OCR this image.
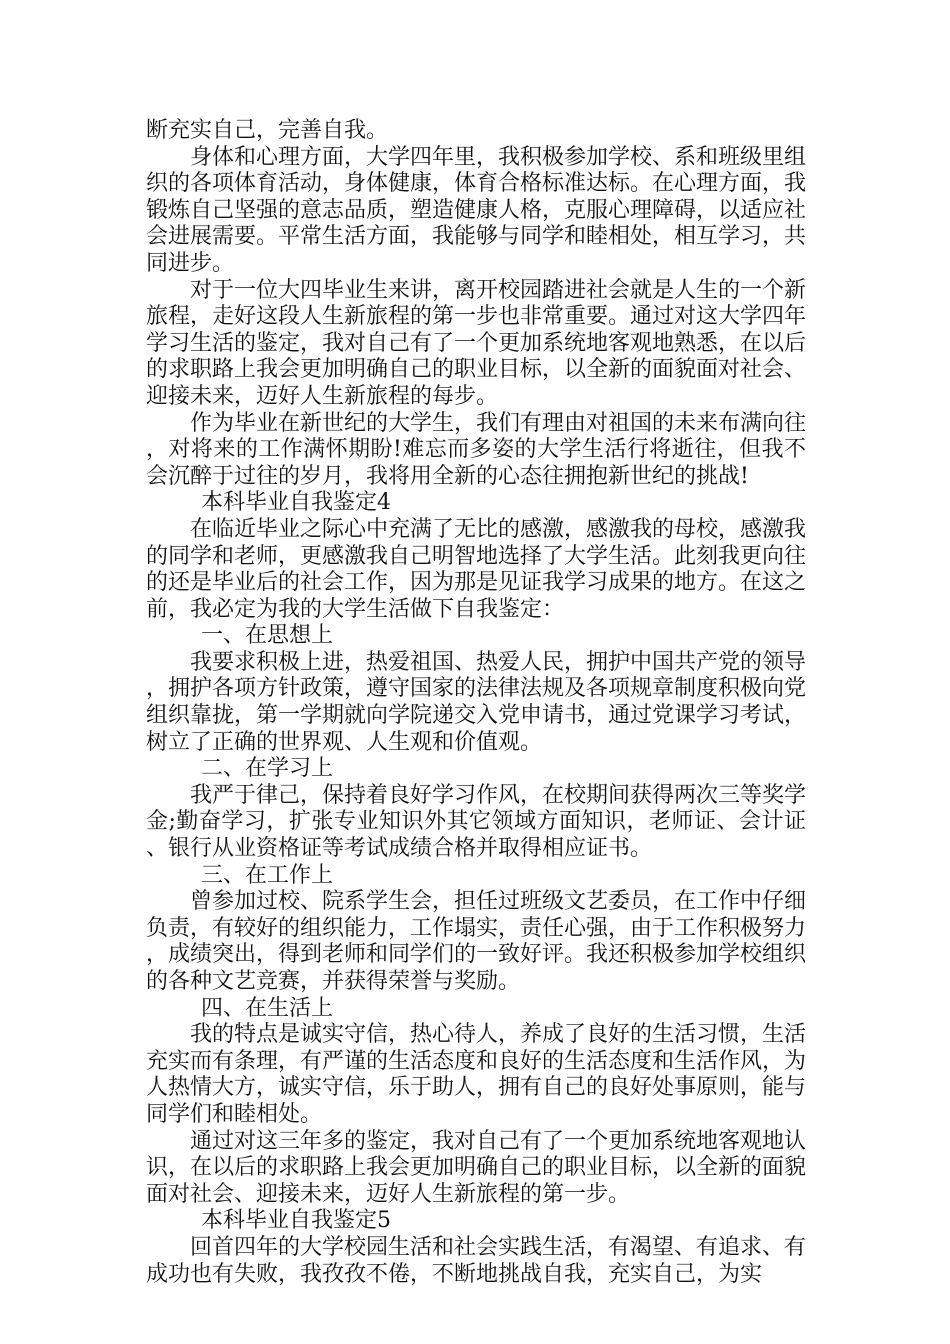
断充实自己，完善自我。

身体和心理方面，大学四年里，我积极参加学校、系和班级里组织的各项体育活动，身体健康，体育合格标准达标。在心理方面，我锻炼自己坚强的意志品质，塑造健康人格，克服心理障碍，以适应社会进展需要。平常生活方面，我能够与同学和睦相处，相互学习，共同进步。

对于一位大四毕业生来讲，离开校园踏进社会就是人生的一个新旅程，走好这段人生新旅程的第一步也非常重要。通过对这大学四年学习生活的鉴定，我对自己有了一个更加系统地客观地熟悉，在以后的求职路上我会更加明确自己的职业目标，以全新的面貌面对社会、迎接未来，迈好人生新旅程的每步。

作为毕业在新世纪的大学生，我们有理由对祖国的未来布满向往，对将来的工作满怀期盼!难忘而多姿的大学生活行将逝往，但我不会沉醉于过往的岁月，我将用全新的心态往拥抱新世纪的挑战!

本科毕业自我鉴定4

在临近毕业之际心中充满了无比的感激，感激我的母校，感激我的同学和老师，更感激我自己明智地选择了大学生活。此刻我更向往的还是毕业后的社会工作，因为那是见证我学习成果的地方。在这之前，我必定为我的大学生活做下自我鉴定：

一、在思想上

我要求积极上进，热爱祖国、热爱人民，拥护中国共产党的领导，拥护各项方针政策，遵守国家的法律法规及各项规章制度积极向党组织靠拢，第一学期就向学院递交入党申请书，通过党课学习考试，树立了正确的世界观、人生观和价值观。

二、在学习上

我严于律己，保持着良好学习作风，在校期间获得两次三等奖学金;勤奋学习，扩张专业知识外其它领域方面知识，老师证、会计证、银行从业资格证等考试成绩合格并取得相应证书。

三、在工作上

曾参加过校、院系学生会，担任过班级文艺委员，在工作中仔细负责，有较好的组织能力，工作塌实，责任心强，由于工作积极努力，成绩突出，得到老师和同学们的一致好评。我还积极参加学校组织的各种文艺竞赛，并获得荣誉与奖励。

四、在生活上

我的特点是诚实守信，热心待人，养成了良好的生活习惯，生活充实而有条理，有严谨的生活态度和良好的生活态度和生活作风，为人热情大方，诚实守信，乐于助人，拥有自己的良好处事原则，能与同学们和睦相处。

通过对这三年多的鉴定，我对自己有了一个更加系统地客观地认识，在以后的求职路上我会更加明确自己的职业目标，以全新的面貌面对社会、迎接未来，迈好人生新旅程的第一步。

本科毕业自我鉴定5

回首四年的大学校园生活和社会实践生活，有渴望、有追求、有成功也有失败，我孜孜不倦，不断地挑战自我，充实自己，为实
